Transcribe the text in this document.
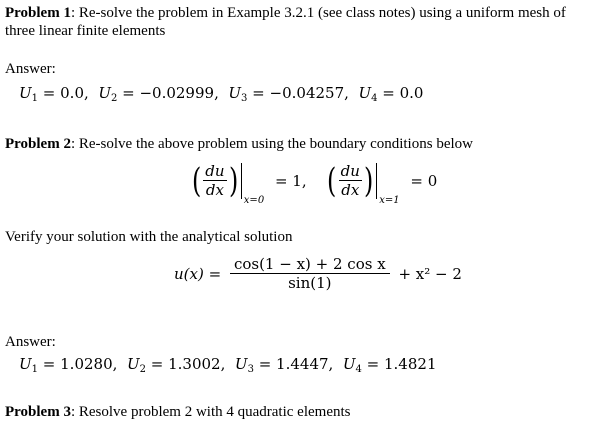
Problem 1: Re-solve the problem in Example 3.2.1 (see class notes) using a uniform mesh of
three linear finite elements
Answer:
$U_1 = 0.0$,  $U_2 = -0.02999$,  $U_3 = -0.04257$,  $U_4 = 0.0$
Problem 2: Re-solve the above problem using the boundary conditions below
( $\frac{du}{dx}$ ) x=0 = 1, ( $\frac{du}{dx}$ ) x=1 = 0
Verify your solution with the analytical solution
$u(x) = \frac{\text{cos(1 − x) + 2 cos x}}{\sin(1)} + x^2 - 2$
Answer:
$U_1 = 1.0280$,  $U_2 = 1.3002$,  $U_3 = 1.4447$,  $U_4 = 1.4821$
Problem 3: Resolve problem 2 with 4 quadratic elements
